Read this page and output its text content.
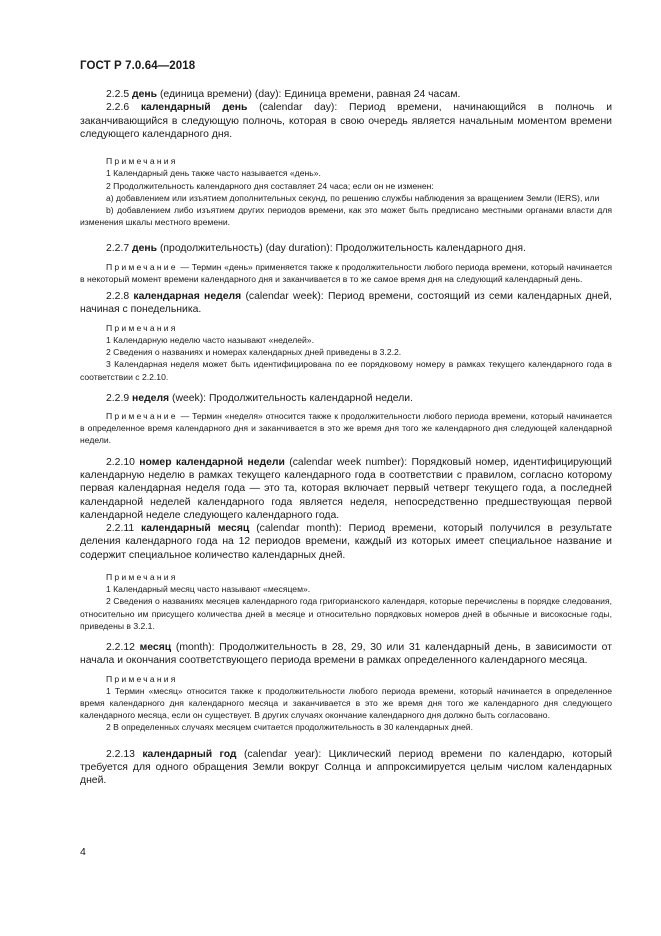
ГОСТ Р 7.0.64—2018

2.2.5 день (единица времени) (day): Единица времени, равная 24 часам.

2.2.6 календарный день (calendar day): Период времени, начинающийся в полночь и заканчивающийся в следующую полночь, которая в свою очередь является начальным моментом времени следующего календарного дня.

Примечания

1 Календарный день также часто называется «день».

2 Продолжительность календарного дня составляет 24 часа; если он не изменен:

a) добавлением или изъятием дополнительных секунд, по решению службы наблюдения за вращением Земли (IERS), или

b) добавлением либо изъятием других периодов времени, как это может быть предписано местными органами власти для изменения шкалы местного времени.

2.2.7 день (продолжительность) (day duration): Продолжительность календарного дня.

Примечание — Термин «день» применяется также к продолжительности любого периода времени, который начинается в некоторый момент времени календарного дня и заканчивается в то же самое время дня на следующий календарный день.

2.2.8 календарная неделя (calendar week): Период времени, состоящий из семи календарных дней, начиная с понедельника.

Примечания

1 Календарную неделю часто называют «неделей».

2 Сведения о названиях и номерах календарных дней приведены в 3.2.2.

3 Календарная неделя может быть идентифицирована по ее порядковому номеру в рамках текущего календарного года в соответствии с 2.2.10.

2.2.9 неделя (week): Продолжительность календарной недели.

Примечание — Термин «неделя» относится также к продолжительности любого периода времени, который начинается в определенное время календарного дня и заканчивается в это же время дня того же календарного дня следующей календарной недели.

2.2.10 номер календарной недели (calendar week number): Порядковый номер, идентифицирующий календарную неделю в рамках текущего календарного года в соответствии с правилом, согласно которому первая календарная неделя года — это та, которая включает первый четверг текущего года, а последней календарной неделей календарного года является неделя, непосредственно предшествующая первой календарной неделе следующего календарного года.

2.2.11 календарный месяц (calendar month): Период времени, который получился в результате деления календарного года на 12 периодов времени, каждый из которых имеет специальное название и содержит специальное количество календарных дней.

Примечания

1 Календарный месяц часто называют «месяцем».

2 Сведения о названиях месяцев календарного года григорианского календаря, которые перечислены в порядке следования, относительно им присущего количества дней в месяце и относительно порядковых номеров дней в обычные и високосные годы, приведены в 3.2.1.

2.2.12 месяц (month): Продолжительность в 28, 29, 30 или 31 календарный день, в зависимости от начала и окончания соответствующего периода времени в рамках определенного календарного месяца.

Примечания

1 Термин «месяц» относится также к продолжительности любого периода времени, который начинается в определенное время календарного дня календарного месяца и заканчивается в это же время дня того же календарного дня следующего календарного месяца, если он существует. В других случаях окончание календарного дня должно быть согласовано.

2 В определенных случаях месяцем считается продолжительность в 30 календарных дней.

2.2.13 календарный год (calendar year): Циклический период времени по календарю, который требуется для одного обращения Земли вокруг Солнца и аппроксимируется целым числом календарных дней.

4
